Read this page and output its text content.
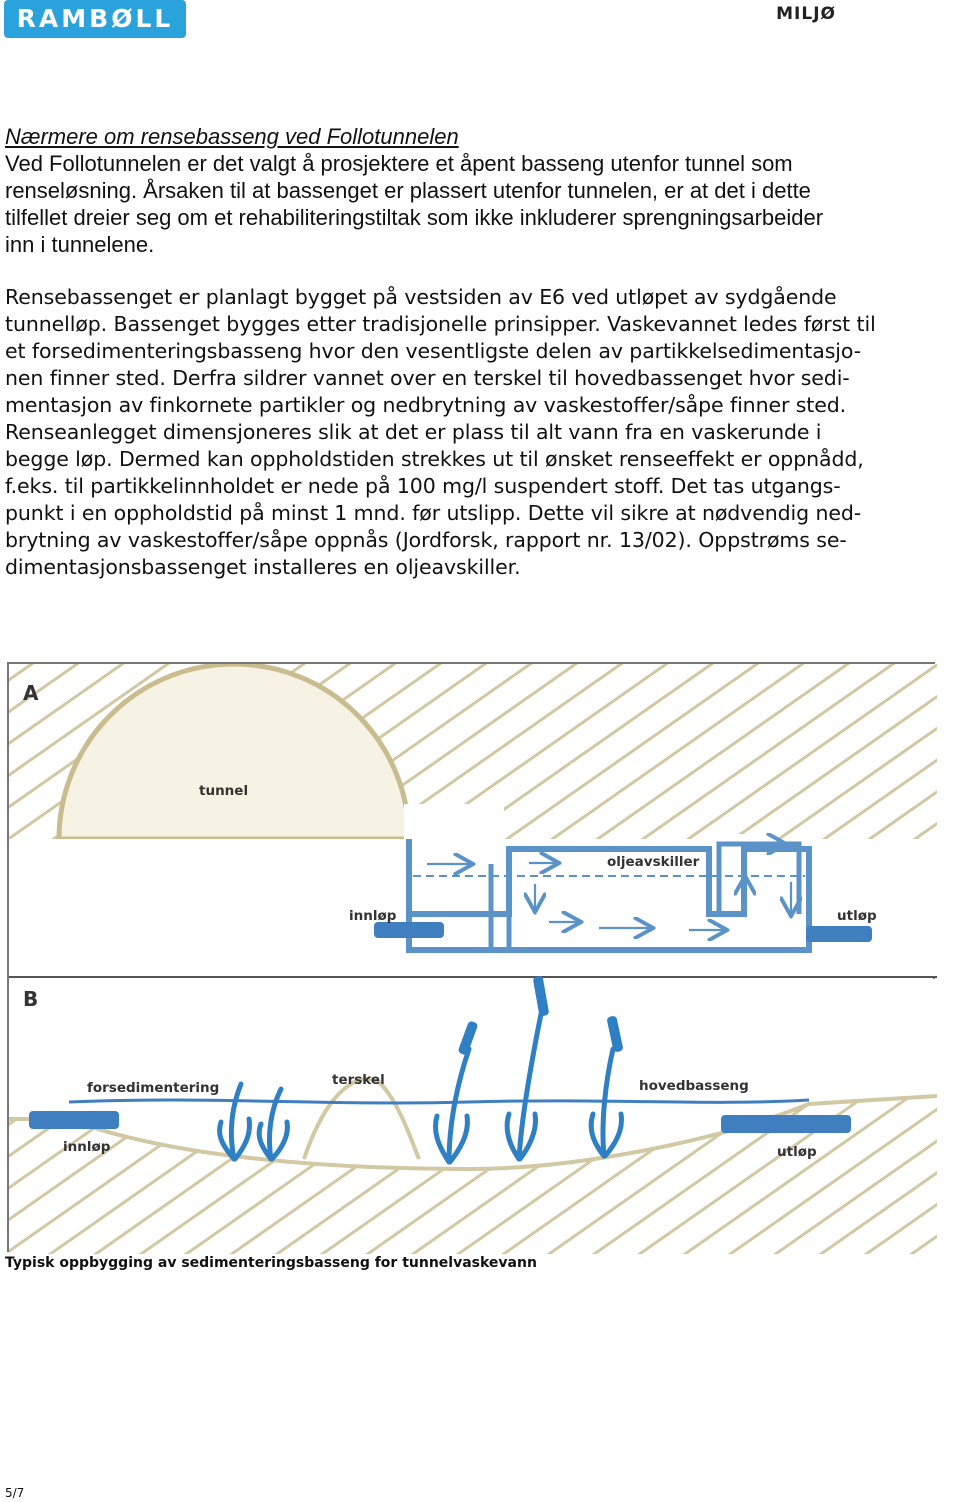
RAMBØLL	MILJØ
Nærmere om rensebasseng ved Follotunnelen
Ved Follotunnelen er det valgt å prosjektere et åpent basseng utenfor tunnel som
renseløsning. Årsaken til at bassenget er plassert utenfor tunnelen, er at det i dette
tilfellet dreier seg om et rehabiliteringstiltak som ikke inkluderer sprengningsarbeider
inn i tunnelene.
Rensebassenget er planlagt bygget på vestsiden av E6 ved utløpet av sydgående
tunnelløp. Bassenget bygges etter tradisjonelle prinsipper. Vaskevannet ledes først til
et forsedimenteringsbasseng hvor den vesentligste delen av partikkelsedimentasjo-
nen finner sted. Derfra sildrer vannet over en terskel til hovedbassenget hvor sedi-
mentasjon av finkornete partikler og nedbrytning av vaskestoffer/såpe finner sted.
Renseanlegget dimensjoneres slik at det er plass til alt vann fra en vaskerunde i
begge løp. Dermed kan oppholdstiden strekkes ut til ønsket renseeffekt er oppnådd,
f.eks. til partikkelinnholdet er nede på 100 mg/l suspendert stoff. Det tas utgangs-
punkt i en oppholdstid på minst 1 mnd. før utslipp. Dette vil sikre at nødvendig ned-
brytning av vaskestoffer/såpe oppnås (Jordforsk, rapport nr. 13/02). Oppstrøms se-
dimentasjonsbassenget installeres en oljeavskiller.
A
tunnel
oljeavskiller
innløp	utløp
B
forsedimentering	terskel	hovedbasseng
innløp	utløp
Typisk oppbygging av sedimenteringsbasseng for tunnelvaskevann
5/7
